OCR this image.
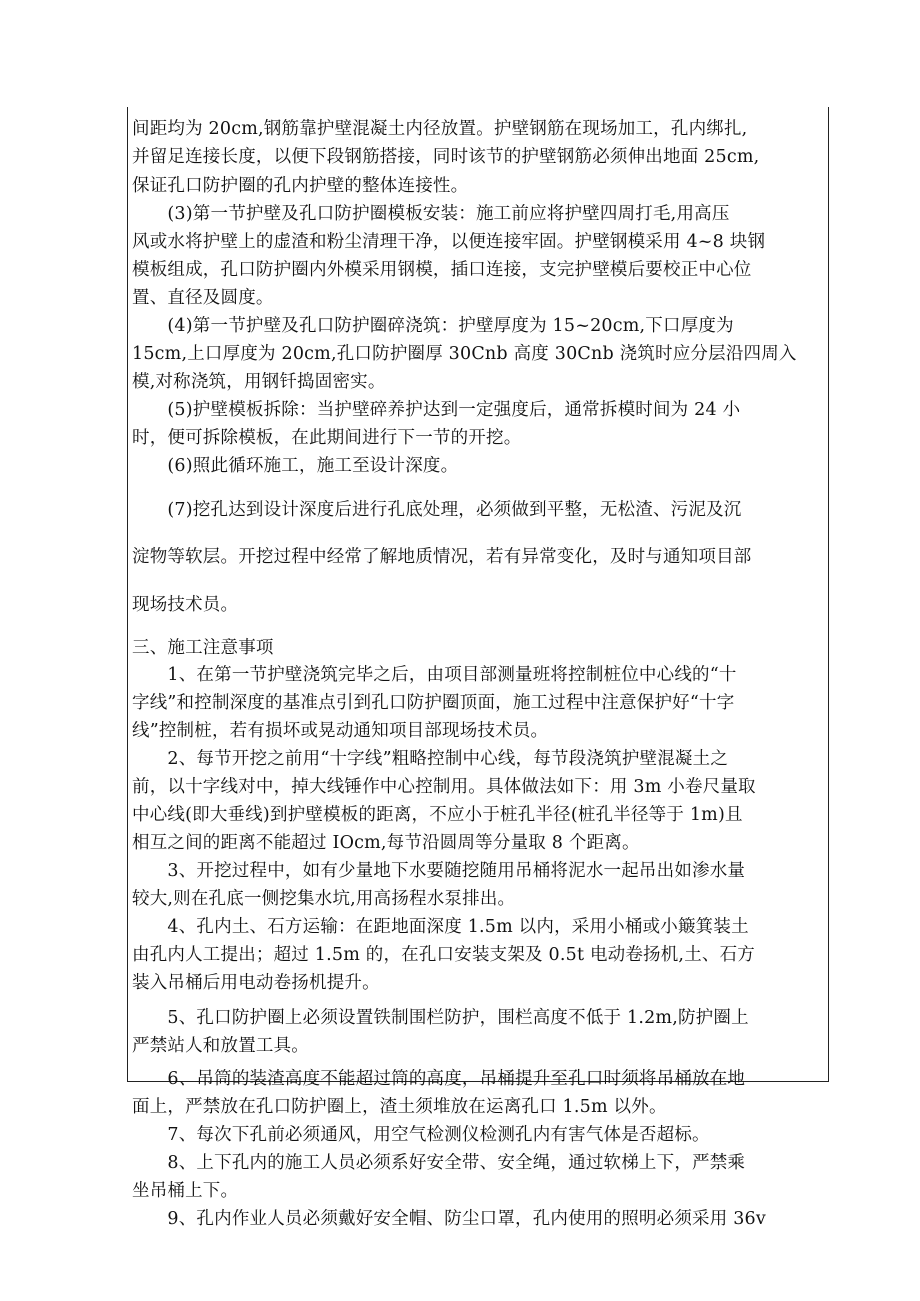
间距均为 20cm,钢筋靠护壁混凝土内径放置。护壁钢筋在现场加工，孔内绑扎,
并留足连接长度，以便下段钢筋搭接，同时该节的护壁钢筋必须伸出地面 25cm,
保证孔口防护圈的孔内护壁的整体连接性。
　　(3)第一节护壁及孔口防护圈模板安装：施工前应将护壁四周打毛,用高压
风或水将护壁上的虚渣和粉尘清理干净，以便连接牢固。护壁钢模采用 4~8 块钢
模板组成，孔口防护圈内外模采用钢模，插口连接，支完护壁模后要校正中心位
置、直径及圆度。
　　(4)第一节护壁及孔口防护圈碎浇筑：护壁厚度为 15~20cm,下口厚度为
15cm,上口厚度为 20cm,孔口防护圈厚 30Cnb 高度 30Cnb 浇筑时应分层沿四周入
模,对称浇筑，用钢钎捣固密实。
　　(5)护壁模板拆除：当护壁碎养护达到一定强度后，通常拆模时间为 24 小
时，便可拆除模板，在此期间进行下一节的开挖。
　　(6)照此循环施工，施工至设计深度。
　　(7)挖孔达到设计深度后进行孔底处理，必须做到平整，无松渣、污泥及沉
淀物等软层。开挖过程中经常了解地质情况，若有异常变化，及时与通知项目部
现场技术员。
三、施工注意事项
　　1、在第一节护壁浇筑完毕之后，由项目部测量班将控制桩位中心线的“十
字线”和控制深度的基准点引到孔口防护圈顶面，施工过程中注意保护好“十字
线”控制桩，若有损坏或晃动通知项目部现场技术员。
　　2、每节开挖之前用“十字线”粗略控制中心线，每节段浇筑护壁混凝土之
前，以十字线对中，掉大线锤作中心控制用。具体做法如下：用 3m 小卷尺量取
中心线(即大垂线)到护壁模板的距离，不应小于桩孔半径(桩孔半径等于 1m)且
相互之间的距离不能超过 IOcm,每节沿圆周等分量取 8 个距离。
　　3、开挖过程中，如有少量地下水要随挖随用吊桶将泥水一起吊出如渗水量
较大,则在孔底一侧挖集水坑,用高扬程水泵排出。
　　4、孔内土、石方运输：在距地面深度 1.5m 以内，采用小桶或小簸箕装土
由孔内人工提出；超过 1.5m 的，在孔口安装支架及 0.5t 电动卷扬机,土、石方
装入吊桶后用电动卷扬机提升。
　　5、孔口防护圈上必须设置铁制围栏防护，围栏高度不低于 1.2m,防护圈上
严禁站人和放置工具。
　　6、吊筒的装渣高度不能超过筒的高度，吊桶提升至孔口时须将吊桶放在地
面上，严禁放在孔口防护圈上，渣土须堆放在运离孔口 1.5m 以外。
　　7、每次下孔前必须通风，用空气检测仪检测孔内有害气体是否超标。
　　8、上下孔内的施工人员必须系好安全带、安全绳，通过软梯上下，严禁乘
坐吊桶上下。
　　9、孔内作业人员必须戴好安全帽、防尘口罩，孔内使用的照明必须采用 36v
